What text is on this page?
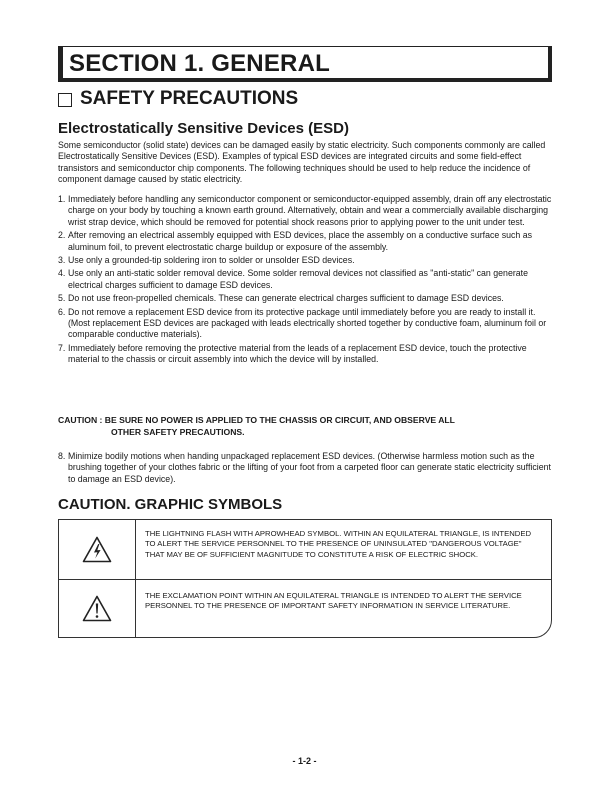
SECTION 1. GENERAL
SAFETY PRECAUTIONS
Electrostatically Sensitive Devices (ESD)
Some semiconductor (solid state) devices can be damaged easily by static electricity. Such components commonly are called Electrostatically Sensitive Devices (ESD). Examples of typical ESD devices are integrated circuits and some field-effect transistors and semiconductor chip components. The following techniques should be used to help reduce the incidence of component damage caused by static electricity.
1. Immediately before handling any semiconductor component or semiconductor-equipped assembly, drain off any electrostatic charge on your body by touching a known earth ground. Alternatively, obtain and wear a commercially available discharging wrist strap device, which should be removed for potential shock reasons prior to applying power to the unit under test.
2. After removing an electrical assembly equipped with ESD devices, place the assembly on a conductive surface such as aluminum foil, to prevent electrostatic charge buildup or exposure of the assembly.
3. Use only a grounded-tip soldering iron to solder or unsolder ESD devices.
4. Use only an anti-static solder removal device. Some solder removal devices not classified as "anti-static" can generate electrical charges sufficient to damage ESD devices.
5. Do not use freon-propelled chemicals. These can generate electrical charges sufficient to damage ESD devices.
6. Do not remove a replacement ESD device from its protective package until immediately before you are ready to install it. (Most replacement ESD devices are packaged with leads electrically shorted together by conductive foam, aluminum foil or comparable conductive materials).
7. Immediately before removing the protective material from the leads of a replacement ESD device, touch the protective material to the chassis or circuit assembly into which the device will by installed.
CAUTION : BE SURE NO POWER IS APPLIED TO THE CHASSIS OR CIRCUIT, AND OBSERVE ALL
OTHER SAFETY PRECAUTIONS.
8. Minimize bodily motions when handing unpackaged replacement ESD devices. (Otherwise harmless motion such as the brushing together of your clothes fabric or the lifting of your foot from a carpeted floor can generate static electricity sufficient to damage an ESD device).
CAUTION. GRAPHIC SYMBOLS
THE LIGHTNING FLASH WITH APROWHEAD SYMBOL. WITHIN AN EQUILATERAL TRIANGLE, IS INTENDED TO ALERT THE SERVICE PERSONNEL TO THE PRESENCE OF UNINSULATED "DANGEROUS VOLTAGE" THAT MAY BE OF SUFFICIENT MAGNITUDE TO CONSTITUTE A RISK OF ELECTRIC SHOCK.
THE EXCLAMATION POINT WITHIN AN EQUILATERAL TRIANGLE IS INTENDED TO ALERT THE SERVICE PERSONNEL TO THE PRESENCE OF IMPORTANT SAFETY INFORMATION IN SERVICE LITERATURE.
- 1-2 -
